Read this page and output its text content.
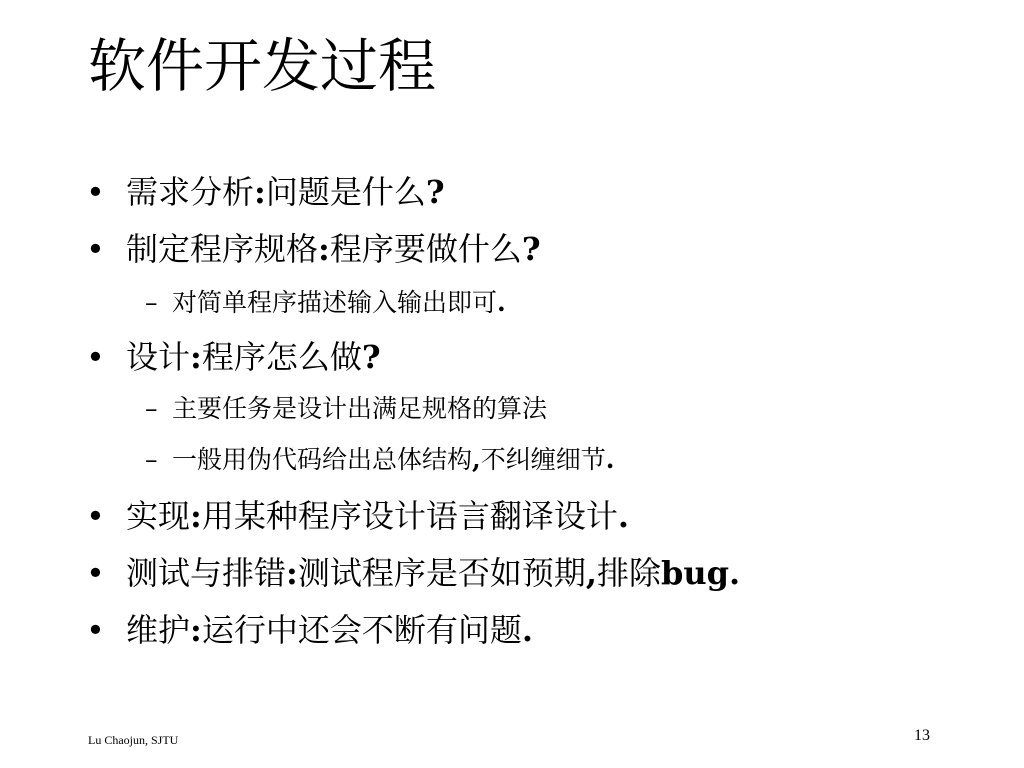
软件开发过程
• 需求分析:问题是什么?
• 制定程序规格:程序要做什么?
– 对简单程序描述输入输出即可.
• 设计:程序怎么做?
– 主要任务是设计出满足规格的算法
– 一般用伪代码给出总体结构,不纠缠细节.
• 实现:用某种程序设计语言翻译设计.
• 测试与排错:测试程序是否如预期,排除bug.
• 维护:运行中还会不断有问题.
Lu Chaojun, SJTU	13
